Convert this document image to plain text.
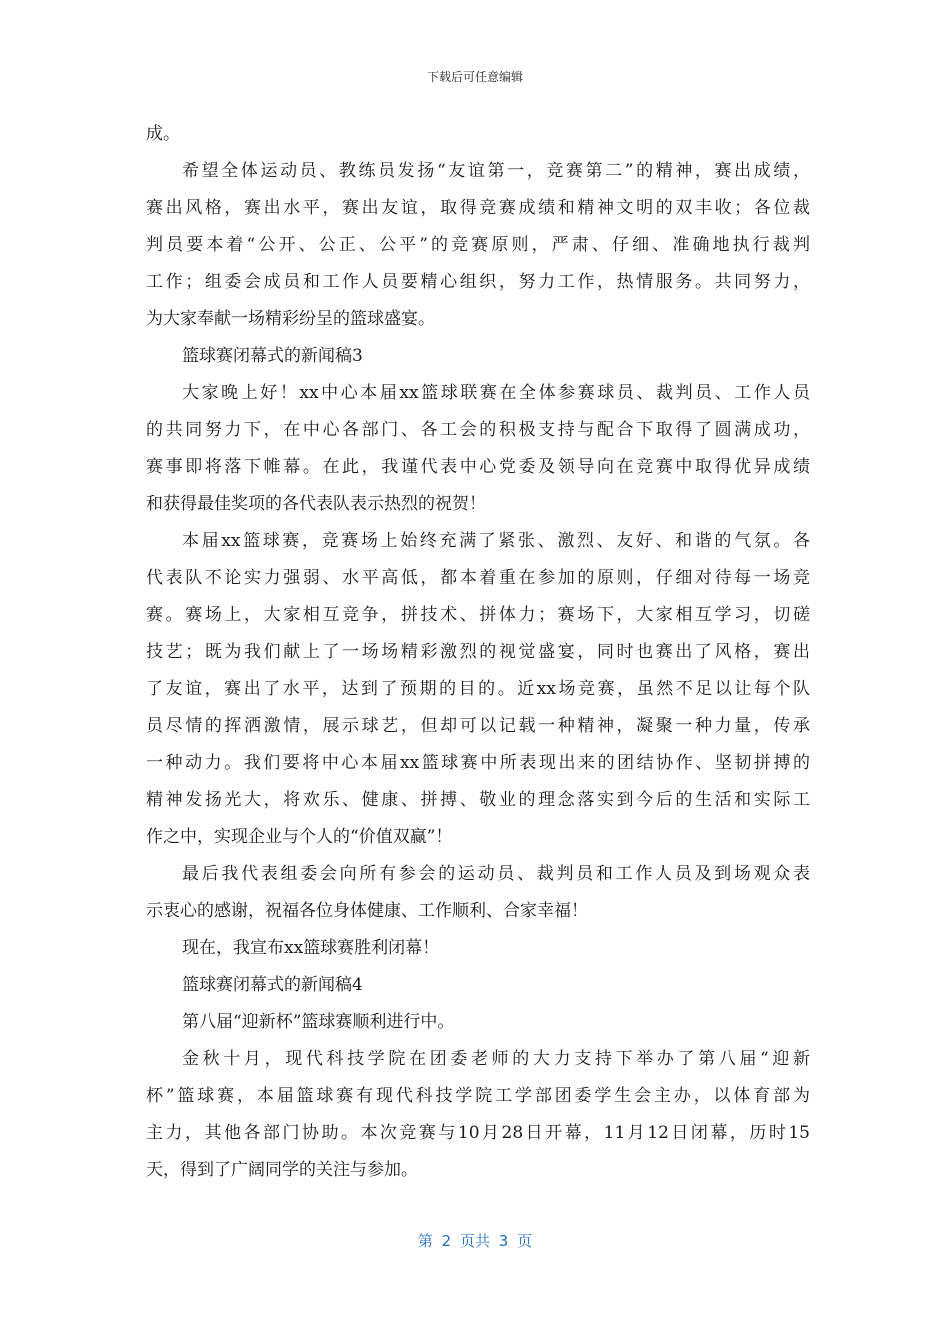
下载后可任意编辑
成。
希望全体运动员、教练员发扬“友谊第一，竞赛第二”的精神，赛出成绩，
赛出风格，赛出水平，赛出友谊，取得竞赛成绩和精神文明的双丰收；各位裁
判员要本着“公开、公正、公平”的竞赛原则，严肃、仔细、准确地执行裁判
工作；组委会成员和工作人员要精心组织，努力工作，热情服务。共同努力，
为大家奉献一场精彩纷呈的篮球盛宴。
篮球赛闭幕式的新闻稿3
大家晚上好！xx中心本届xx篮球联赛在全体参赛球员、裁判员、工作人员
的共同努力下，在中心各部门、各工会的积极支持与配合下取得了圆满成功，
赛事即将落下帷幕。在此，我谨代表中心党委及领导向在竞赛中取得优异成绩
和获得最佳奖项的各代表队表示热烈的祝贺！
本届xx篮球赛，竞赛场上始终充满了紧张、激烈、友好、和谐的气氛。各
代表队不论实力强弱、水平高低，都本着重在参加的原则，仔细对待每一场竞
赛。赛场上，大家相互竞争，拼技术、拼体力；赛场下，大家相互学习，切磋
技艺；既为我们献上了一场场精彩激烈的视觉盛宴，同时也赛出了风格，赛出
了友谊，赛出了水平，达到了预期的目的。近xx场竞赛，虽然不足以让每个队
员尽情的挥洒激情，展示球艺，但却可以记载一种精神，凝聚一种力量，传承
一种动力。我们要将中心本届xx篮球赛中所表现出来的团结协作、坚韧拼搏的
精神发扬光大，将欢乐、健康、拼搏、敬业的理念落实到今后的生活和实际工
作之中，实现企业与个人的“价值双赢”！
最后我代表组委会向所有参会的运动员、裁判员和工作人员及到场观众表
示衷心的感谢，祝福各位身体健康、工作顺利、合家幸福！
现在，我宣布xx篮球赛胜利闭幕！
篮球赛闭幕式的新闻稿4
第八届“迎新杯”篮球赛顺利进行中。
金秋十月，现代科技学院在团委老师的大力支持下举办了第八届“迎新
杯”篮球赛，本届篮球赛有现代科技学院工学部团委学生会主办，以体育部为
主力，其他各部门协助。本次竞赛与10月28日开幕，11月12日闭幕，历时15
天，得到了广阔同学的关注与参加。
第 2 页共 3 页
